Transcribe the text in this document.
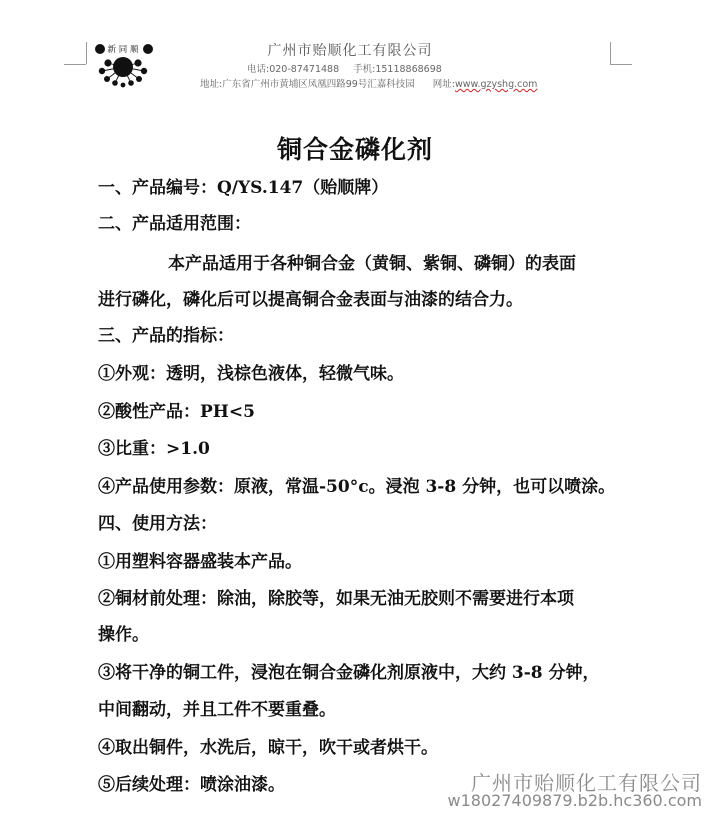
新 同 顺	广州市贻顺化工有限公司
电话:020-87471488 手机:15118868698
地址:广东省广州市黄埔区凤凰四路99号汇嘉科技园 网址:www.gzyshg.com
铜合金磷化剂
一、产品编号：Q/YS.147（贻顺牌）
二、产品适用范围：
本产品适用于各种铜合金（黄铜、紫铜、磷铜）的表面
进行磷化，磷化后可以提高铜合金表面与油漆的结合力。
三、产品的指标：
①外观：透明，浅棕色液体，轻微气味。
②酸性产品：PH<5
③比重：>1.0
④产品使用参数：原液，常温-50°c。浸泡 3-8 分钟，也可以喷涂。
四、使用方法：
①用塑料容器盛装本产品。
②铜材前处理：除油，除胶等，如果无油无胶则不需要进行本项
操作。
③将干净的铜工件，浸泡在铜合金磷化剂原液中，大约 3-8 分钟，
中间翻动，并且工件不要重叠。
④取出铜件，水洗后，晾干，吹干或者烘干。
⑤后续处理：喷涂油漆。	广州市贻顺化工有限公司
w18027409879.b2b.hc360.com
